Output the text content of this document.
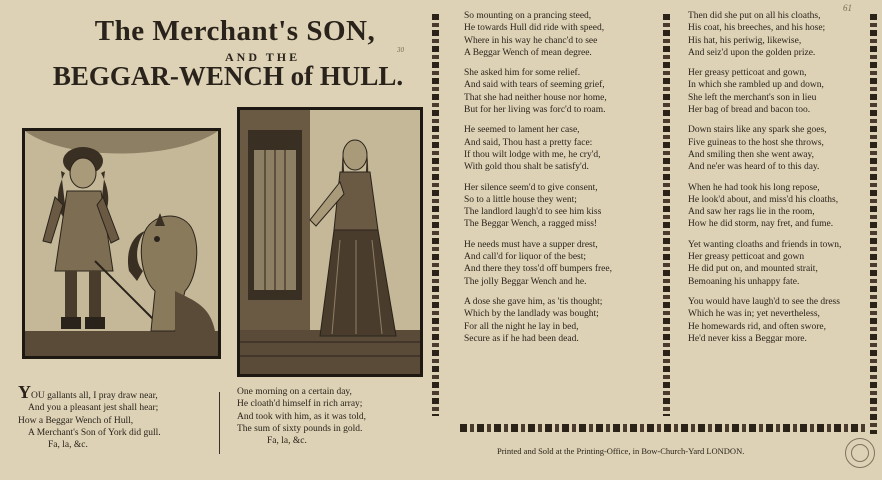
61
30
The Merchant's SON,
AND THE
BEGGAR-WENCH of HULL.

YOU gallants all, I pray draw near,

And you a pleasant jest shall hear;

How a Beggar Wench of Hull,

A Merchant's Son of York did gull.

Fa, la, &c.

One morning on a certain day,

He cloath'd himself in rich array;

And took with him, as it was told,

The sum of sixty pounds in gold.

Fa, la, &c.

So mounting on a prancing steed,

He towards Hull did ride with speed,

Where in his way he chanc'd to see

A Beggar Wench of mean degree.

She asked him for some relief.

And said with tears of seeming grief,

That she had neither house nor home,

But for her living was forc'd to roam.

He seemed to lament her case,

And said, Thou hast a pretty face:

If thou wilt lodge with me, he cry'd,

With gold thou shalt be satisfy'd.

Her silence seem'd to give consent,

So to a little house they went;

The landlord laugh'd to see him kiss

The Beggar Wench, a ragged miss!

He needs must have a supper drest,

And call'd for liquor of the best;

And there they toss'd off bumpers free,

The jolly Beggar Wench and he.

A dose she gave him, as 'tis thought;

Which by the landlady was bought;

For all the night he lay in bed,

Secure as if he had been dead.

Then did she put on all his cloaths,

His coat, his breeches, and his hose;

His hat, his periwig, likewise,

And seiz'd upon the golden prize.

Her greasy petticoat and gown,

In which she rambled up and down,

She left the merchant's son in lieu

Her bag of bread and bacon too.

Down stairs like any spark she goes,

Five guineas to the host she throws,

And smiling then she went away,

And ne'er was heard of to this day.

When he had took his long repose,

He look'd about, and miss'd his cloaths,

And saw her rags lie in the room,

How he did storm, nay fret, and fume.

Yet wanting cloaths and friends in town,

Her greasy petticoat and gown

He did put on, and mounted strait,

Bemoaning his unhappy fate.

You would have laugh'd to see the dress

Which he was in; yet nevertheless,

He homewards rid, and often swore,

He'd never kiss a Beggar more.

Printed and Sold at the Printing-Office, in Bow-Church-Yard LONDON.
